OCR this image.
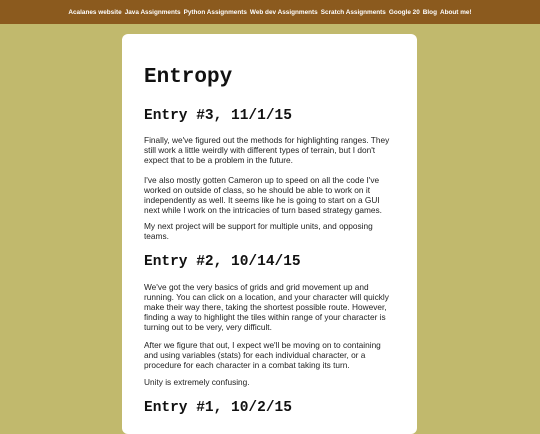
Acalanes website Java Assignments Python Assignments Web dev Assignments Scratch Assignments Google 20 Blog About me!
Entropy
Entry #3, 11/1/15

Finally, we've figured out the methods for highlighting ranges. They still work a little weirdly with different types of terrain, but I don't expect that to be a problem in the future.

I've also mostly gotten Cameron up to speed on all the code I've worked on outside of class, so he should be able to work on it independently as well. It seems like he is going to start on a GUI next while I work on the intricacies of turn based strategy games.

My next project will be support for multiple units, and opposing teams.

Entry #2, 10/14/15

We've got the very basics of grids and grid movement up and running. You can click on a location, and your character will quickly make their way there, taking the shortest possible route. However, finding a way to highlight the tiles within range of your character is turning out to be very, very difficult.

After we figure that out, I expect we'll be moving on to containing and using variables (stats) for each individual character, or a procedure for each character in a combat taking its turn.

Unity is extremely confusing.

Entry #1, 10/2/15
